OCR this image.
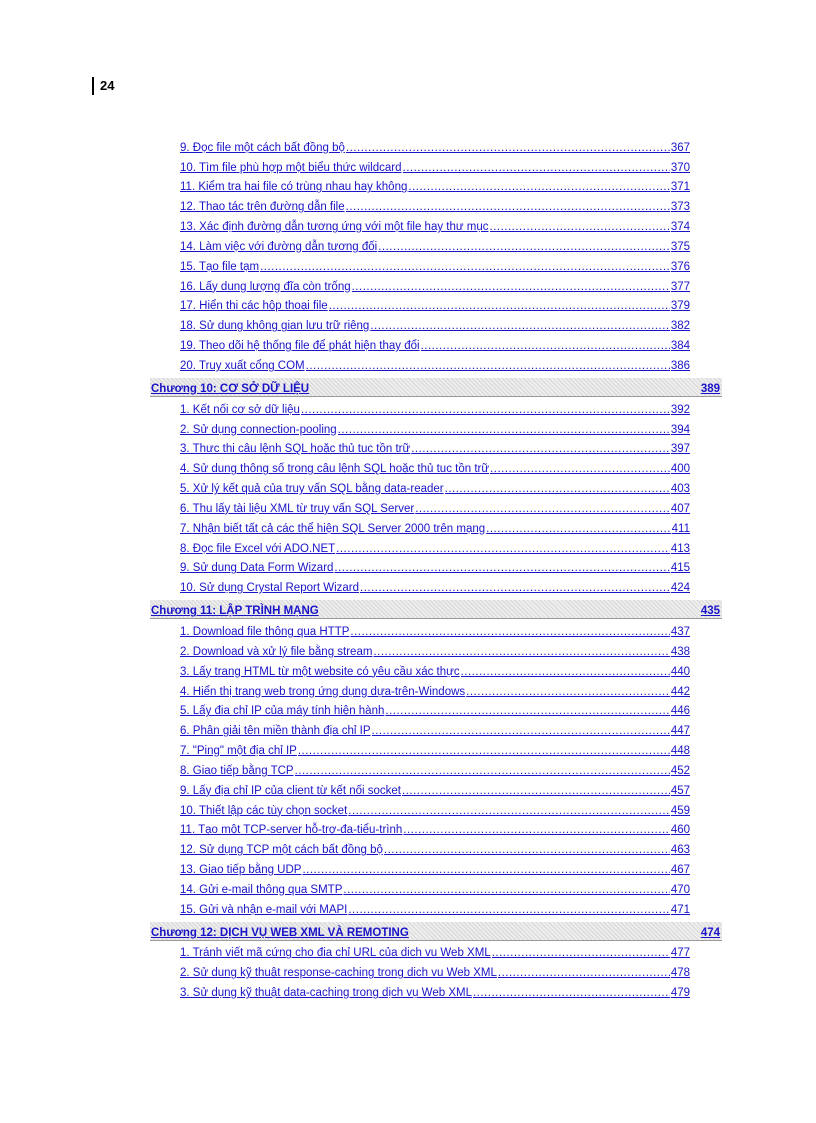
24
9. Đọc file một cách bất đồng bộ .....	367
10. Tìm file phù hợp một biểu thức wildcard .....	370
11. Kiểm tra hai file có trùng nhau hay không .....	371
12. Thao tác trên đường dẫn file .....	373
13. Xác định đường dẫn tương ứng với một file hay thư mục .....	374
14. Làm việc với đường dẫn tương đối .....	375
15. Tạo file tạm .....	376
16. Lấy dung lượng đĩa còn trống .....	377
17. Hiển thị các hộp thoại file .....	379
18. Sử dụng không gian lưu trữ riêng .....	382
19. Theo dõi hệ thống file để phát hiện thay đổi .....	384
20. Truy xuất cổng COM .....	386
Chương 10: CƠ SỞ DỮ LIỆU	389
1. Kết nối cơ sở dữ liệu .....	392
2. Sử dụng connection-pooling .....	394
3. Thực thi câu lệnh SQL hoặc thủ tục tồn trữ .....	397
4. Sử dụng thông số trong câu lệnh SQL hoặc thủ tục tồn trữ .....	400
5. Xử lý kết quả của truy vấn SQL bằng data-reader .....	403
6. Thu lấy tài liệu XML từ truy vấn SQL Server .....	407
7. Nhận biết tất cả các thể hiện SQL Server 2000 trên mạng .....	411
8. Đọc file Excel với ADO.NET .....	413
9. Sử dụng Data Form Wizard .....	415
10. Sử dụng Crystal Report Wizard .....	424
Chương 11: LẬP TRÌNH MẠNG	435
1. Download file thông qua HTTP .....	437
2. Download và xử lý file bằng stream .....	438
3. Lấy trang HTML từ một website có yêu cầu xác thực .....	440
4. Hiển thị trang web trong ứng dụng dựa-trên-Windows .....	442
5. Lấy địa chỉ IP của máy tính hiện hành .....	446
6. Phân giải tên miền thành địa chỉ IP .....	447
7. "Ping" một địa chỉ IP .....	448
8. Giao tiếp bằng TCP .....	452
9. Lấy địa chỉ IP của client từ kết nối socket .....	457
10. Thiết lập các tùy chọn socket .....	459
11. Tạo một TCP-server hỗ-trợ-đa-tiểu-trình .....	460
12. Sử dụng TCP một cách bất đồng bộ .....	463
13. Giao tiếp bằng UDP .....	467
14. Gửi e-mail thông qua SMTP .....	470
15. Gửi và nhận e-mail với MAPI .....	471
Chương 12: DỊCH VỤ WEB XML VÀ REMOTING	474
1. Tránh viết mã cứng cho địa chỉ URL của dịch vụ Web XML .....	477
2. Sử dụng kỹ thuật response-caching trong dịch vụ Web XML .....	478
3. Sử dụng kỹ thuật data-caching trong dịch vụ Web XML .....	479
